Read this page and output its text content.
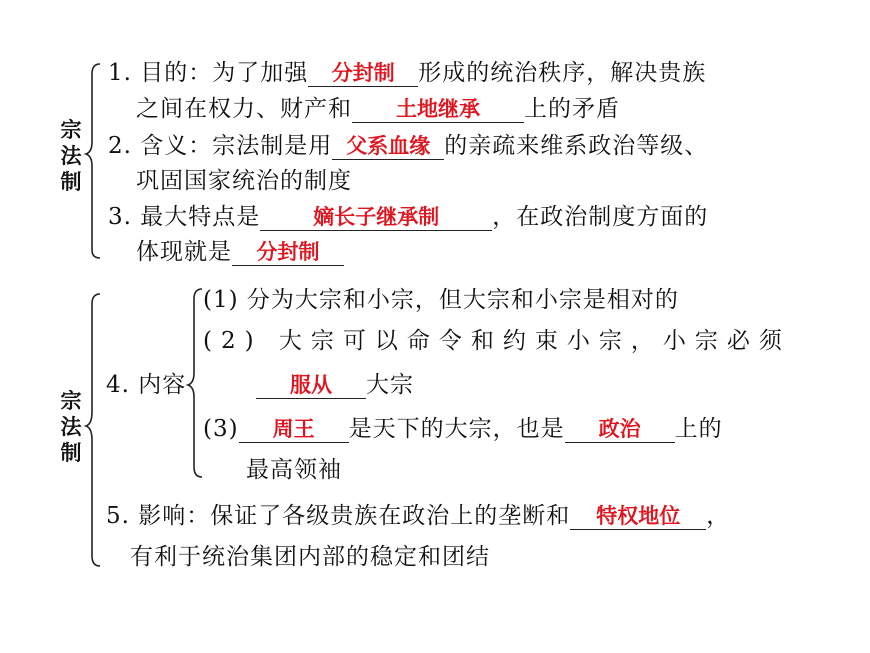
宗
法
制
1. 目的：为了加强 分封制 形成的统治秩序，解决贵族
之间在权力、财产和 土地继承 上的矛盾
2. 含义：宗法制是用 父系血缘 的亲疏来维系政治等级、
巩固国家统治的制度
3. 最大特点是	嫡长子继承制 ，在政治制度方面的
体现就是 分封制
宗
法
制
4. 内容
(1) 分为大宗和小宗，但大宗和小宗是相对的
(2) 大宗可以命令和约束小宗，小宗必须
服从 大宗
(3) 周王 是天下的大宗，也是 政治 上的
最高领袖
5. 影响：保证了各级贵族在政治上的垄断和 特权地位 ，
有利于统治集团内部的稳定和团结
